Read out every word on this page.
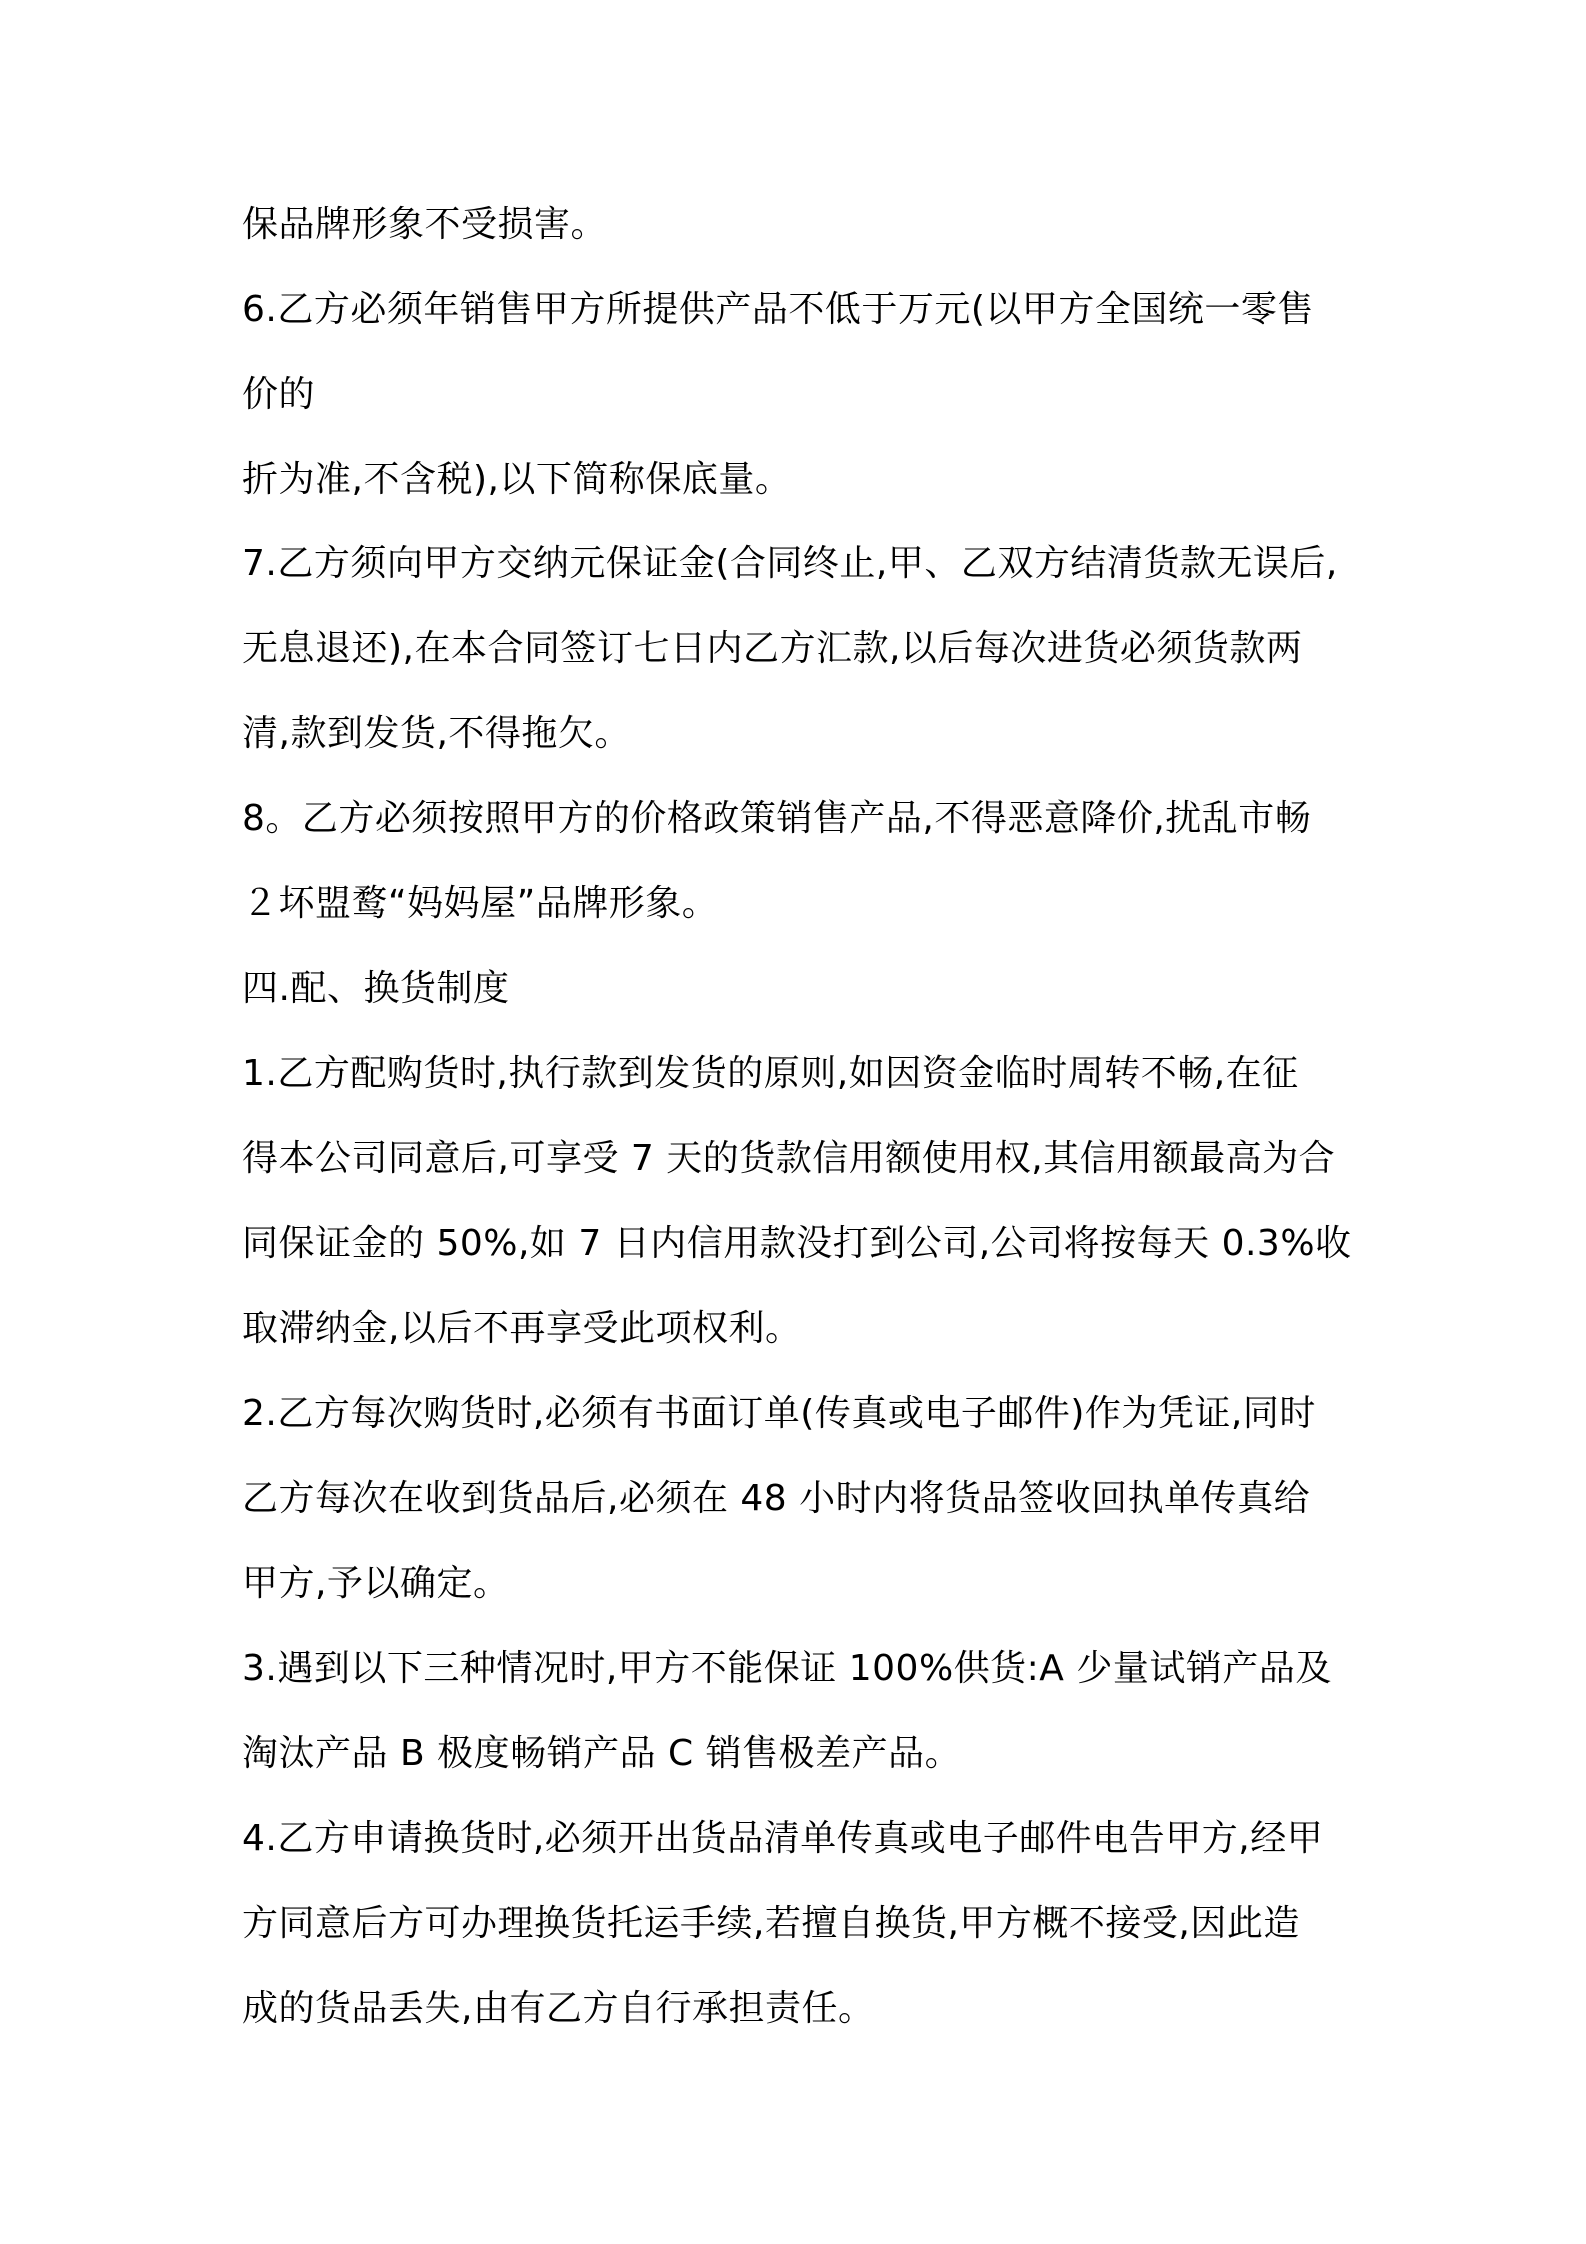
保品牌形象不受损害。
6.乙方必须年销售甲方所提供产品不低于万元(以甲方全国统一零售
价的
折为准,不含税),以下简称保底量。
7.乙方须向甲方交纳元保证金(合同终止,甲、乙双方结清货款无误后,
无息退还),在本合同签订七日内乙方汇款,以后每次进货必须货款两
清,款到发货,不得拖欠。
8。乙方必须按照甲方的价格政策销售产品,不得恶意降价,扰乱市畅
２坏盟鹜“妈妈屋”品牌形象。
四.配、换货制度
1.乙方配购货时,执行款到发货的原则,如因资金临时周转不畅,在征
得本公司同意后,可享受 7 天的货款信用额使用权,其信用额最高为合
同保证金的 50%,如 7 日内信用款没打到公司,公司将按每天 0.3%收
取滞纳金,以后不再享受此项权利。
2.乙方每次购货时,必须有书面订单(传真或电子邮件)作为凭证,同时
乙方每次在收到货品后,必须在 48 小时内将货品签收回执单传真给
甲方,予以确定。
3.遇到以下三种情况时,甲方不能保证 100%供货:A 少量试销产品及
淘汰产品 B 极度畅销产品 C 销售极差产品。
4.乙方申请换货时,必须开出货品清单传真或电子邮件电告甲方,经甲
方同意后方可办理换货托运手续,若擅自换货,甲方概不接受,因此造
成的货品丢失,由有乙方自行承担责任。
